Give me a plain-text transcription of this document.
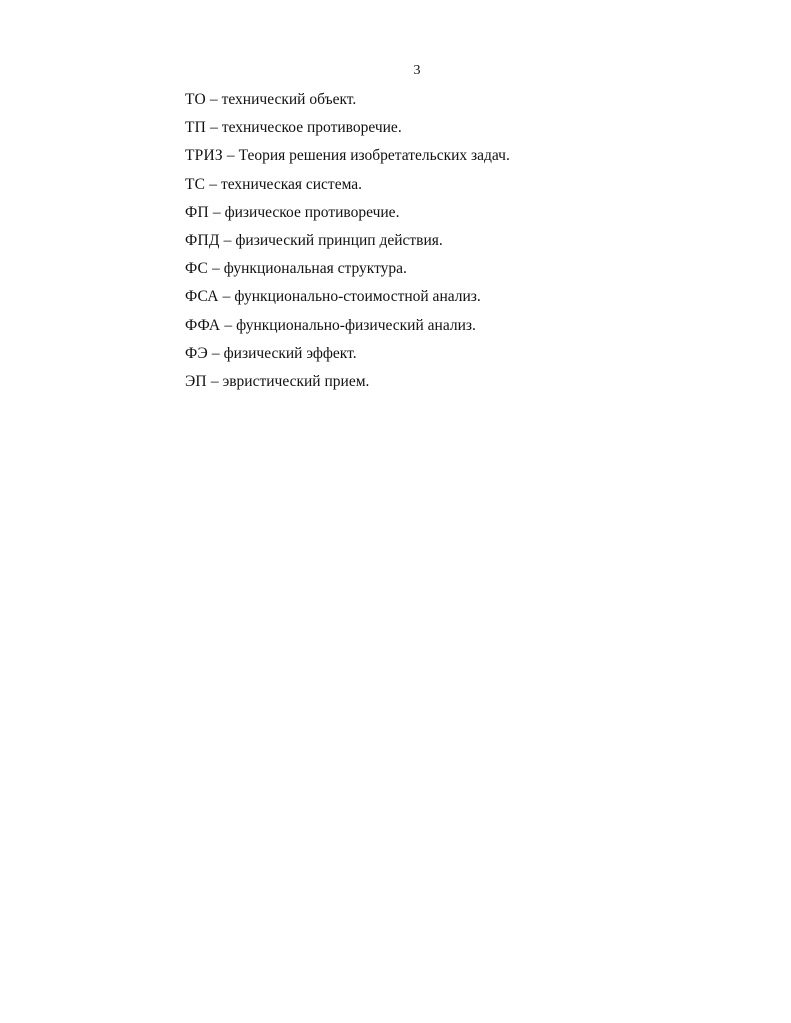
3
ТО – технический объект.
ТП – техническое противоречие.
ТРИЗ – Теория решения изобретательских задач.
ТС – техническая система.
ФП – физическое противоречие.
ФПД – физический принцип действия.
ФС – функциональная структура.
ФСА – функционально-стоимостной анализ.
ФФА – функционально-физический анализ.
ФЭ – физический эффект.
ЭП – эвристический прием.
